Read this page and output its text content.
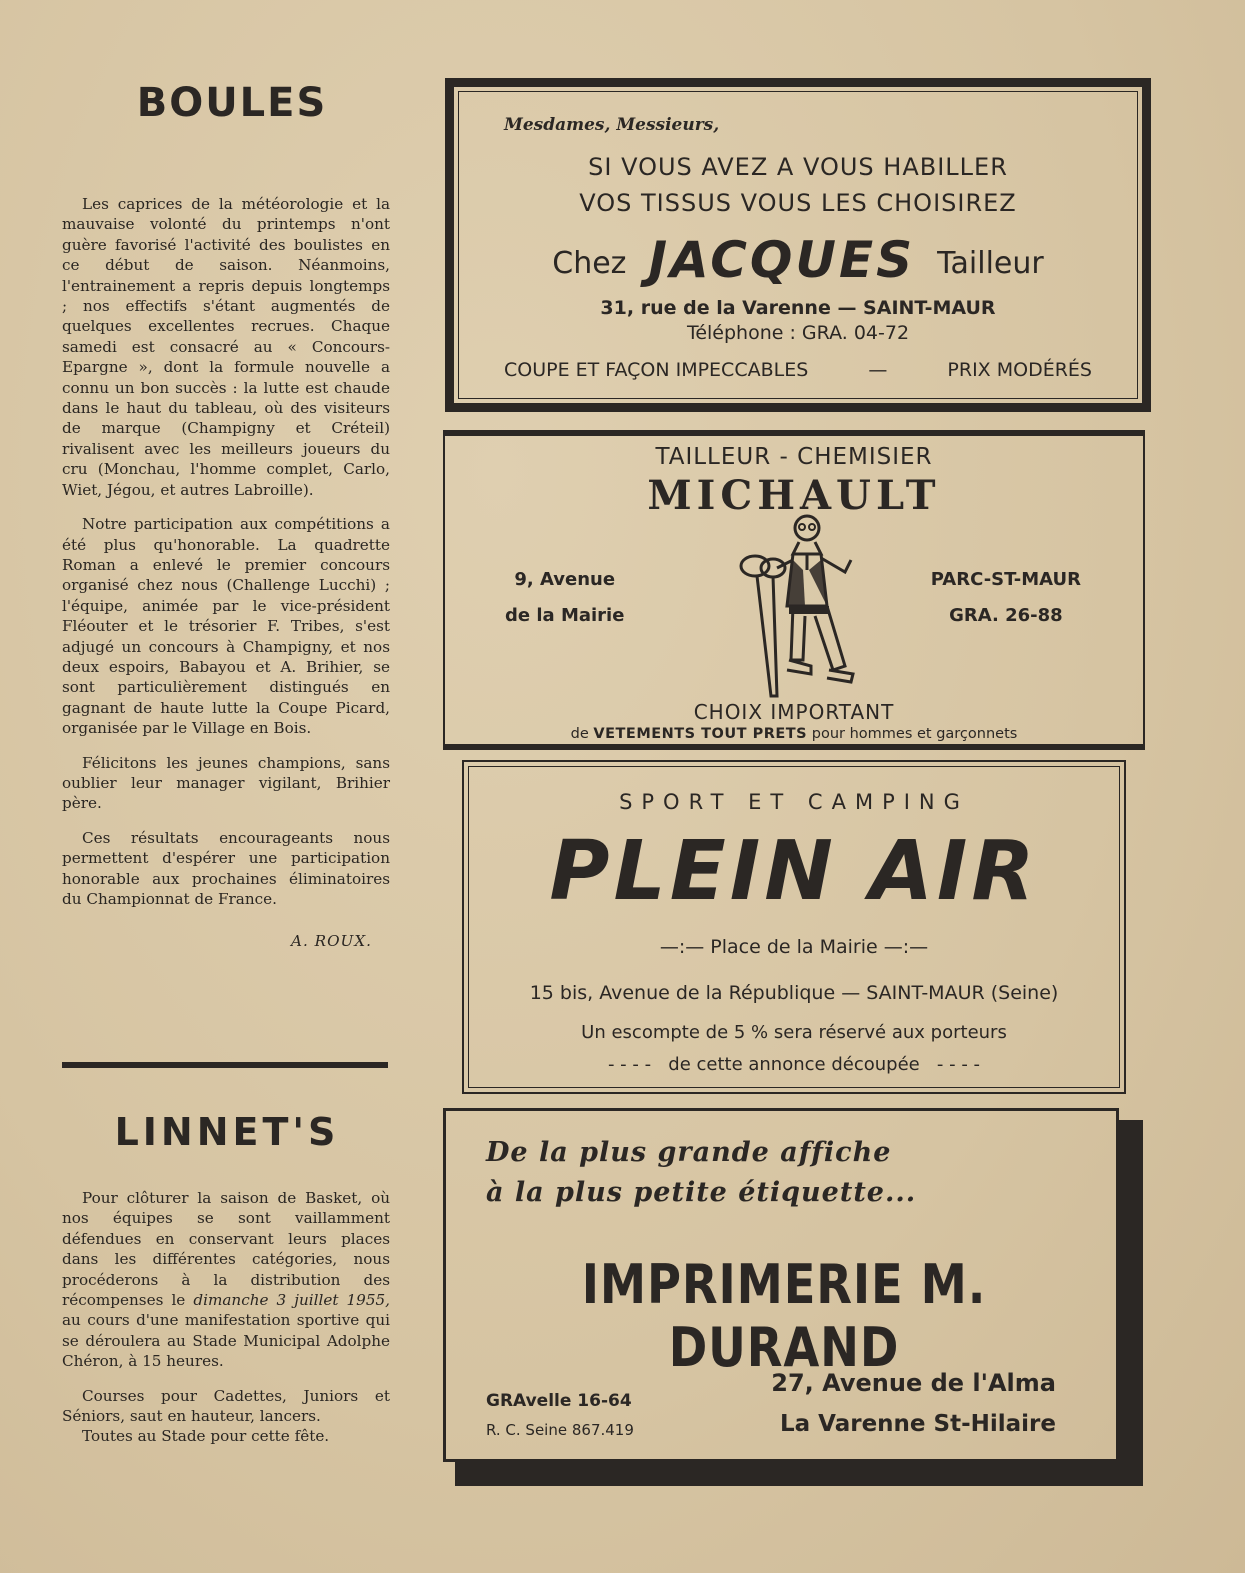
BOULES

Les caprices de la météorologie et la mauvaise volonté du printemps n'ont guère favorisé l'activité des boulistes en ce début de saison. Néanmoins, l'entrainement a repris depuis longtemps ; nos effectifs s'étant augmentés de quelques excellentes recrues. Chaque samedi est consacré au « Concours-Epargne », dont la formule nouvelle a connu un bon succès : la lutte est chaude dans le haut du tableau, où des visiteurs de marque (Champigny et Créteil) rivalisent avec les meilleurs joueurs du cru (Monchau, l'homme complet, Carlo, Wiet, Jégou, et autres Labroille).

Notre participation aux compétitions a été plus qu'honorable. La quadrette Roman a enlevé le premier concours organisé chez nous (Challenge Lucchi) ; l'équipe, animée par le vice-président Fléouter et le trésorier F. Tribes, s'est adjugé un concours à Champigny, et nos deux espoirs, Babayou et A. Brihier, se sont particulièrement distingués en gagnant de haute lutte la Coupe Picard, organisée par le Village en Bois.

Félicitons les jeunes champions, sans oublier leur manager vigilant, Brihier père.

Ces résultats encourageants nous permettent d'espérer une participation honorable aux prochaines éliminatoires du Championnat de France.

A. ROUX.

LINNET'S

Pour clôturer la saison de Basket, où nos équipes se sont vaillamment défendues en conservant leurs places dans les différentes catégories, nous procéderons à la distribution des récompenses le dimanche 3 juillet 1955, au cours d'une manifestation sportive qui se déroulera au Stade Municipal Adolphe Chéron, à 15 heures.

Courses pour Cadettes, Juniors et Séniors, saut en hauteur, lancers.

Toutes au Stade pour cette fête.

Mesdames, Messieurs,
SI VOUS AVEZ A VOUS HABILLER
VOS TISSUS VOUS LES CHOISIREZ
Chez JACQUES Tailleur
31, rue de la Varenne — SAINT-MAUR
Téléphone : GRA. 04-72
COUPE ET FAÇON IMPECCABLES	—	PRIX MODÉRÉS
TAILLEUR - CHEMISIER
MICHAULT
9, Avenue
de la Mairie
PARC-ST-MAUR
GRA. 26-88
CHOIX IMPORTANT
de VETEMENTS TOUT PRETS pour hommes et garçonnets
SPORT ET CAMPING
PLEIN AIR
—:— Place de la Mairie —:—
15 bis, Avenue de la République — SAINT-MAUR (Seine)
Un escompte de 5 % sera réservé aux porteurs
- - - -   de cette annonce découpée   - - - -
De la plus grande affiche
à la plus petite étiquette...
IMPRIMERIE M. DURAND
GRAvelle 16-64
R. C. Seine 867.419
27, Avenue de l'Alma
La Varenne St-Hilaire
